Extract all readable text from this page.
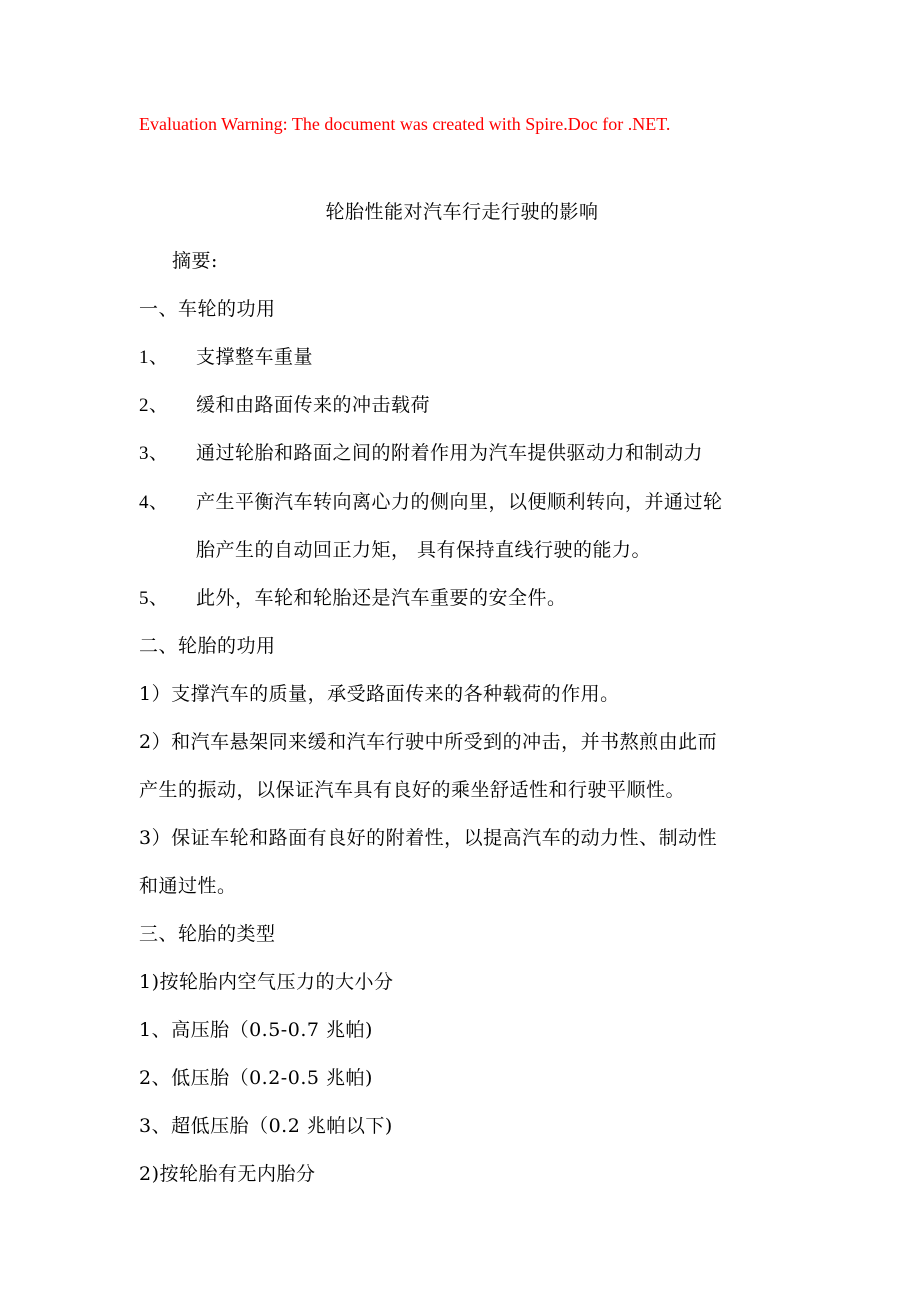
Evaluation Warning: The document was created with Spire.Doc for .NET.
轮胎性能对汽车行走行驶的影响
摘要:
一、车轮的功用
1、 支撑整车重量
2、 缓和由路面传来的冲击载荷
3、 通过轮胎和路面之间的附着作用为汽车提供驱动力和制动力
4、 产生平衡汽车转向离心力的侧向里，以便顺利转向，并通过轮
胎产生的自动回正力矩， 具有保持直线行驶的能力。
5、 此外，车轮和轮胎还是汽车重要的安全件。
二、轮胎的功用
1）支撑汽车的质量，承受路面传来的各种载荷的作用。
2）和汽车悬架同来缓和汽车行驶中所受到的冲击，并书熬煎由此而
产生的振动，以保证汽车具有良好的乘坐舒适性和行驶平顺性。
3）保证车轮和路面有良好的附着性，以提高汽车的动力性、制动性
和通过性。
三、轮胎的类型
1)按轮胎内空气压力的大小分
1、高压胎（0.5-0.7 兆帕)
2、低压胎（0.2-0.5 兆帕)
3、超低压胎（0.2 兆帕以下)
2)按轮胎有无内胎分
